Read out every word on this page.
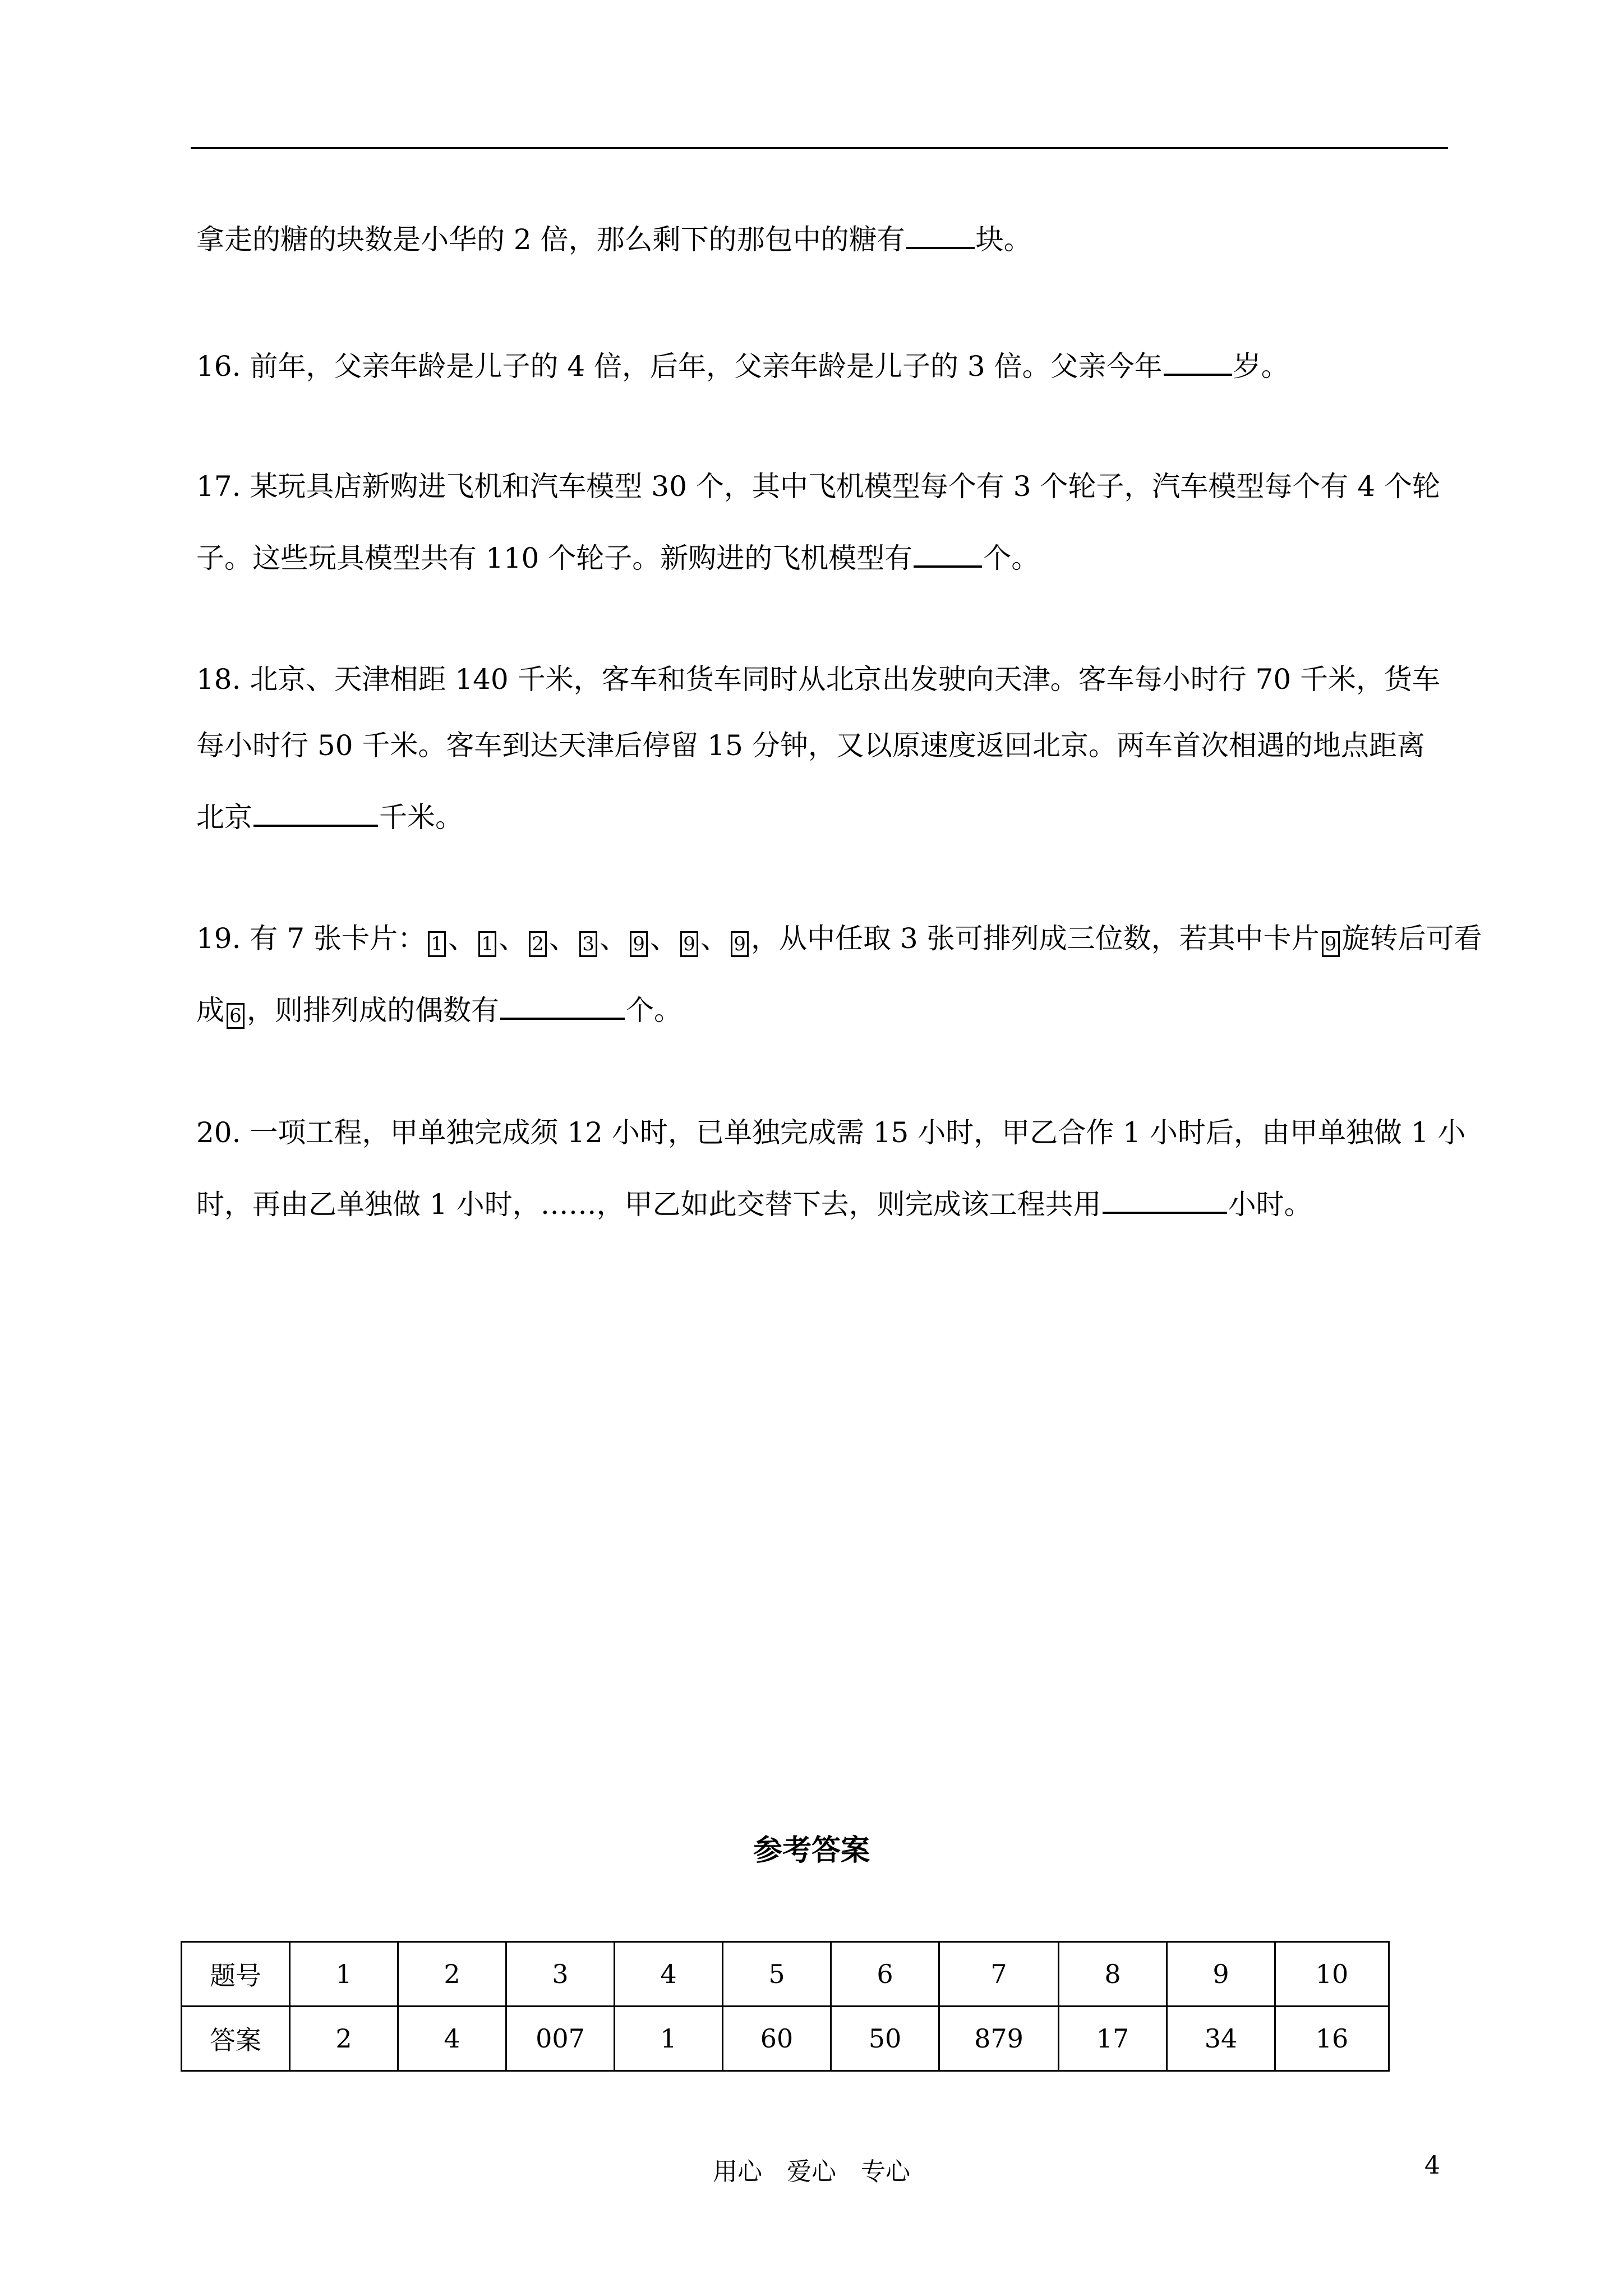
拿走的糖的块数是小华的 2 倍，那么剩下的那包中的糖有	块。
16. 前年，父亲年龄是儿子的 4 倍，后年，父亲年龄是儿子的 3 倍。父亲今年	岁。
17. 某玩具店新购进飞机和汽车模型 30 个，其中飞机模型每个有 3 个轮子，汽车模型每个有 4 个轮
子。这些玩具模型共有 110 个轮子。新购进的飞机模型有	个。
18. 北京、天津相距 140 千米，客车和货车同时从北京出发驶向天津。客车每小时行 70 千米，货车
每小时行 50 千米。客车到达天津后停留 15 分钟，又以原速度返回北京。两车首次相遇的地点距离
北京	千米。
19. 有 7 张卡片： 1 、 1 、 2 、 3 、 9 、 9 、 9 ，从中任取 3 张可排列成三位数，若其中卡片 9 旋转后可看
成 6 ，则排列成的偶数有	个。
20. 一项工程，甲单独完成须 12 小时，已单独完成需 15 小时，甲乙合作 1 小时后，由甲单独做 1 小
时，再由乙单独做 1 小时，……，甲乙如此交替下去，则完成该工程共用	小时。
参考答案
题号	1	2	3	4	5	6	7	8	9	10
答案	2	4	007	1	60	50	879	17	34	16
用心　爱心　专心	4
